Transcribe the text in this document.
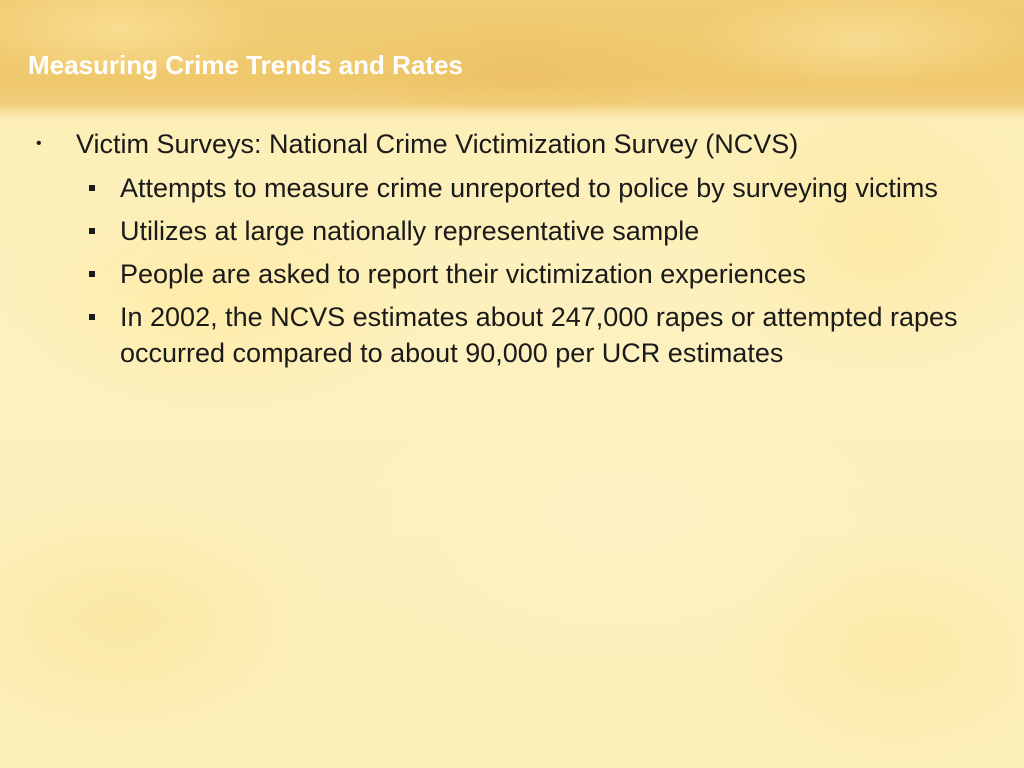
Measuring Crime Trends and Rates
• Victim Surveys: National Crime Victimization Survey (NCVS)
Attempts to measure crime unreported to police by surveying victims
Utilizes at large nationally representative sample
People are asked to report their victimization experiences
In 2002, the NCVS estimates about 247,000 rapes or attempted rapes occurred compared to about 90,000 per UCR estimates
